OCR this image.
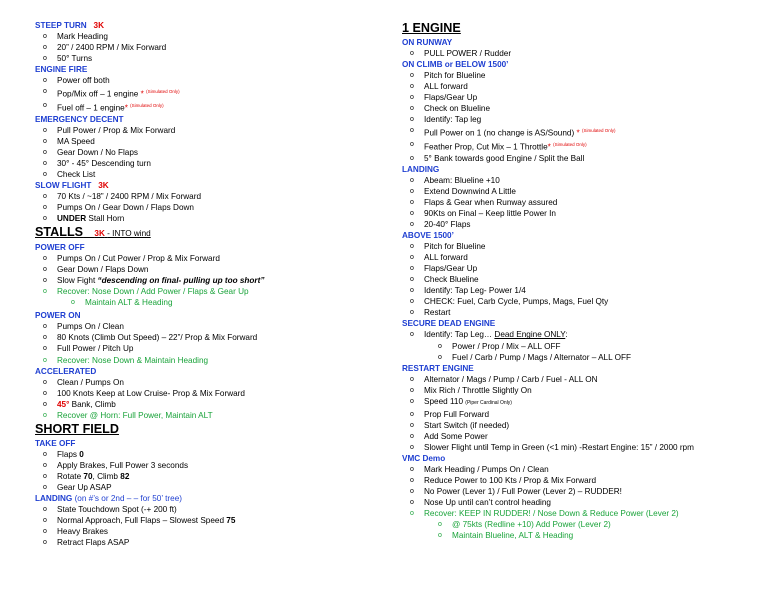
STEEP TURN 3K
o Mark Heading
o 20” / 2400 RPM / Mix Forward
o 50° Turns
ENGINE FIRE
o Power off both
o Pop/Mix off – 1 engine * $^{(Simulated Only)}$
o Fuel off – 1 engine* $^{(Simulated Only)}$
EMERGENCY DECENT
o Pull Power / Prop & Mix Forward
o MA Speed
o Gear Down / No Flaps
o 30° - 45° Descending turn
o Check List
SLOW FLIGHT 3K
o 70 Kts / ~18” / 2400 RPM / Mix Forward
o Pumps On / Gear Down / Flaps Down
o UNDER Stall Horn
STALLS 3K - INTO wind
POWER OFF
o Pumps On / Cut Power / Prop & Mix Forward
o Gear Down / Flaps Down
o Slow Fight “descending on final- pulling up too short”
o Recover: Nose Down / Add Power / Flaps & Gear Up
o Maintain ALT & Heading
POWER ON
o Pumps On / Clean
o 80 Knots (Climb Out Speed) – 22”/ Prop & Mix Forward
o Full Power / Pitch Up
o Recover: Nose Down & Maintain Heading
ACCELERATED
o Clean / Pumps On
o 100 Knots Keep at Low Cruise- Prop & Mix Forward
o 45° Bank, Climb
o Recover @ Horn: Full Power, Maintain ALT
SHORT FIELD
TAKE OFF
o Flaps 0
o Apply Brakes, Full Power 3 seconds
o Rotate 70, Climb 82
o Gear Up ASAP
LANDING (on #’s or 2nd – – for 50’ tree)
o State Touchdown Spot (-+ 200 ft)
o Normal Approach, Full Flaps – Slowest Speed 75
o Heavy Brakes
o Retract Flaps ASAP
1 ENGINE
ON RUNWAY
o PULL POWER / Rudder
ON CLIMB or BELOW 1500’
o Pitch for Blueline
o ALL forward
o Flaps/Gear Up
o Check on Blueline
o Identify: Tap leg
o Pull Power on 1 (no change is AS/Sound) * $^{(Simulated Only)}$
o Feather Prop, Cut Mix – 1 Throttle* $^{(Simulated Only)}$
o 5° Bank towards good Engine / Split the Ball
LANDING
o Abeam: Blueline +10
o Extend Downwind A Little
o Flaps & Gear when Runway assured
o 90Kts on Final – Keep little Power In
o 20-40° Flaps
ABOVE 1500’
o Pitch for Blueline
o ALL forward
o Flaps/Gear Up
o Check Blueline
o Identify: Tap Leg- Power 1/4
o CHECK: Fuel, Carb Cycle, Pumps, Mags, Fuel Qty
o Restart
SECURE DEAD ENGINE
o Identify: Tap Leg… Dead Engine ONLY:
o Power / Prop / Mix – ALL OFF
o Fuel / Carb / Pump / Mags / Alternator – ALL OFF
RESTART ENGINE
o Alternator / Mags / Pump / Carb / Fuel - ALL ON
o Mix Rich / Throttle Slightly On
o Speed 110 (Piper Cardinal Only)
o Prop Full Forward
o Start Switch (if needed)
o Add Some Power
o Slower Flight until Temp in Green (<1 min) -Restart Engine: 15” / 2000 rpm
VMC Demo
o Mark Heading / Pumps On / Clean
o Reduce Power to 100 Kts / Prop & Mix Forward
o No Power (Lever 1) / Full Power (Lever 2) – RUDDER!
o Nose Up until can’t control heading
o Recover: KEEP IN RUDDER! / Nose Down & Reduce Power (Lever 2)
o @ 75kts (Redline +10) Add Power (Lever 2)
o Maintain Blueline, ALT & Heading
